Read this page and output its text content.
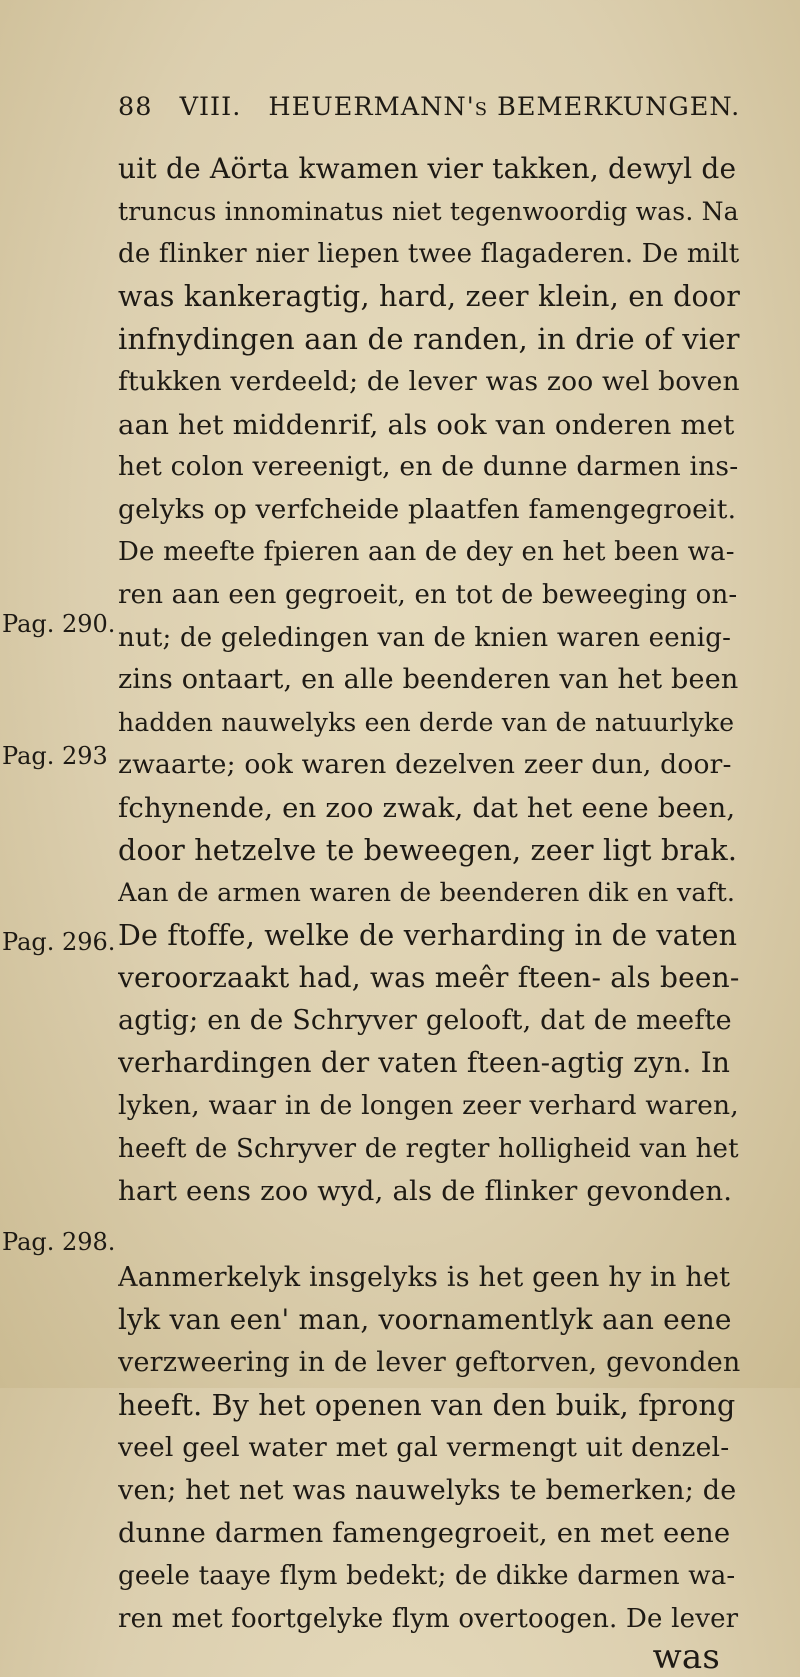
88 VIII. HEUERMANN's BEMERKUNGEN.
Pag. 290.
Pag. 293
Pag. 296.
Pag. 298.
uit de Aörta kwamen vier takken, dewyl de
truncus innominatus niet tegenwoordig was. Na
de flinker nier liepen twee flagaderen. De milt
was kankeragtig, hard, zeer klein, en door
infnydingen aan de randen, in drie of vier
ftukken verdeeld; de lever was zoo wel boven
aan het middenrif, als ook van onderen met
het colon vereenigt, en de dunne darmen ins-
gelyks op verfcheide plaatfen famengegroeit.
De meefte fpieren aan de dey en het been wa-
ren aan een gegroeit, en tot de beweeging on-
nut; de geledingen van de knien waren eenig-
zins ontaart, en alle beenderen van het been
hadden nauwelyks een derde van de natuurlyke
zwaarte; ook waren dezelven zeer dun, door-
fchynende, en zoo zwak, dat het eene been,
door hetzelve te beweegen, zeer ligt brak.
Aan de armen waren de beenderen dik en vaft.
De ftoffe, welke de verharding in de vaten
veroorzaakt had, was meêr fteen- als been-
agtig; en de Schryver gelooft, dat de meefte
verhardingen der vaten fteen-agtig zyn. In
lyken, waar in de longen zeer verhard waren,
heeft de Schryver de regter holligheid van het
hart eens zoo wyd, als de flinker gevonden.
Aanmerkelyk insgelyks is het geen hy in het
lyk van een' man, voornamentlyk aan eene
verzweering in de lever geftorven, gevonden
heeft. By het openen van den buik, fprong
veel geel water met gal vermengt uit denzel-
ven; het net was nauwelyks te bemerken; de
dunne darmen famengegroeit, en met eene
geele taaye flym bedekt; de dikke darmen wa-
ren met foortgelyke flym overtoogen. De lever
was
